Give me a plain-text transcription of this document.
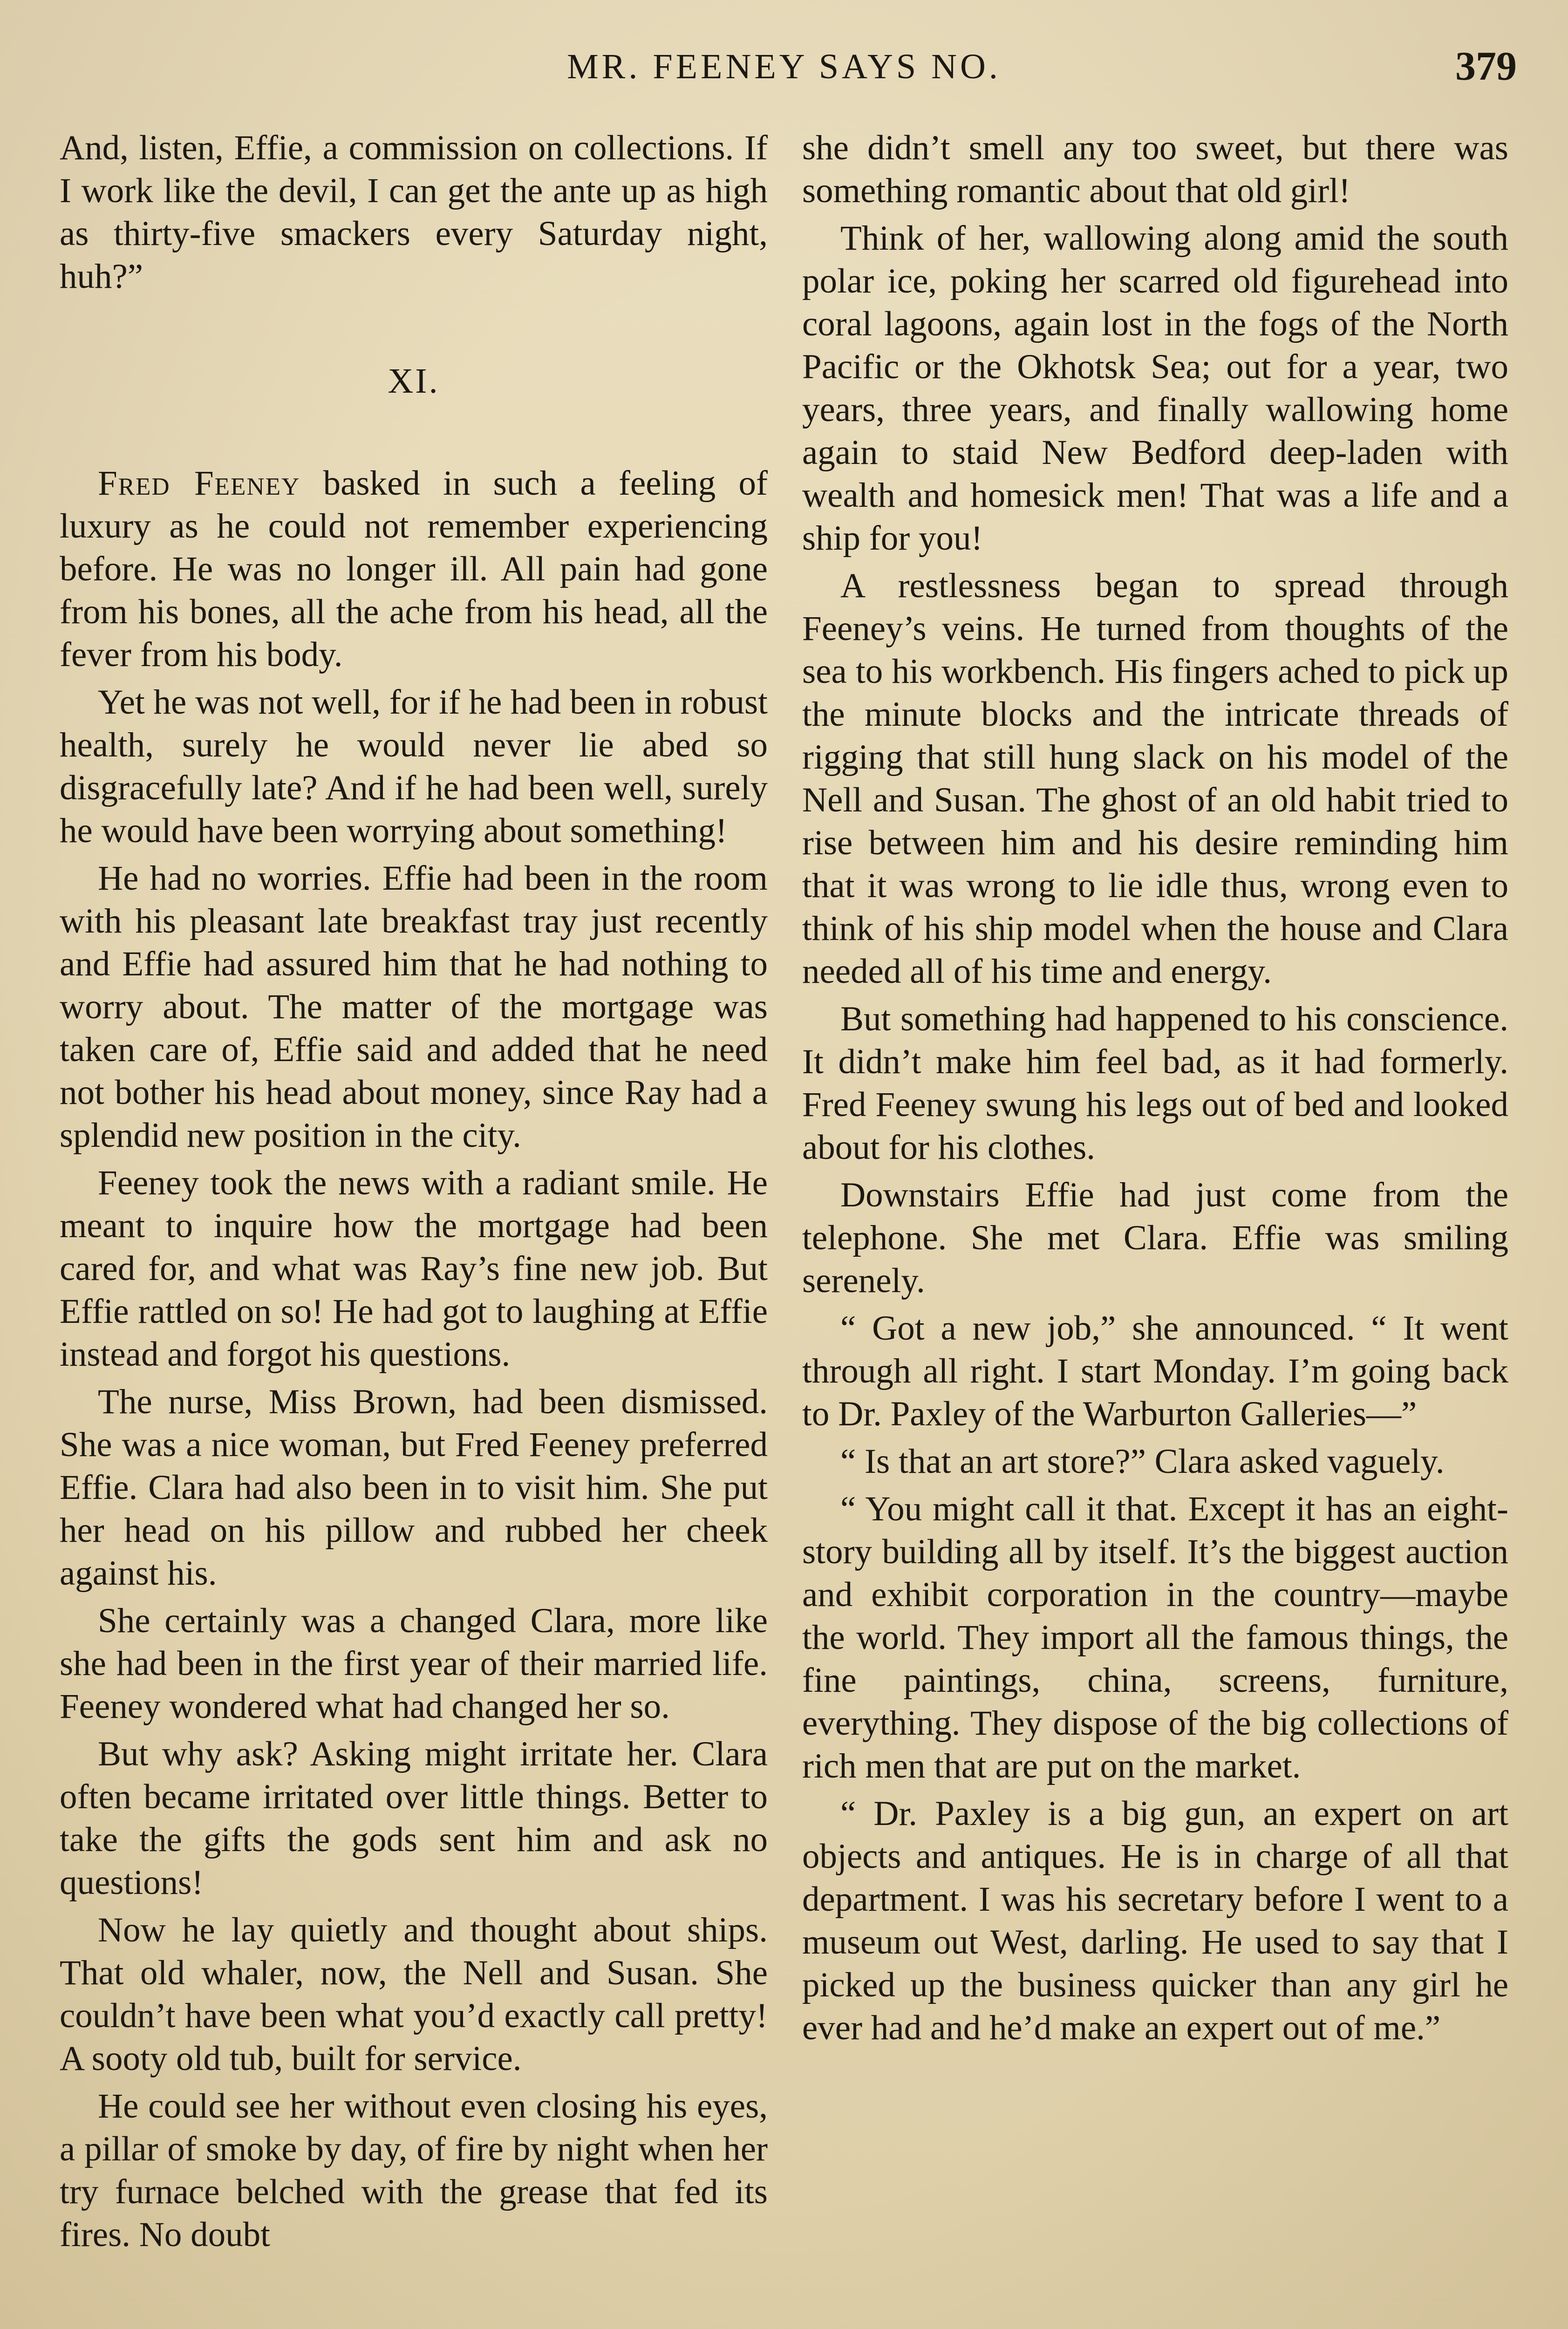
MR. FEENEY SAYS NO.	379

And, listen, Effie, a commission on collections. If I work like the devil, I can get the ante up as high as thirty-five smackers every Saturday night, huh?”

XI.

Fred Feeney basked in such a feeling of luxury as he could not remember experiencing before. He was no longer ill. All pain had gone from his bones, all the ache from his head, all the fever from his body.

Yet he was not well, for if he had been in robust health, surely he would never lie abed so disgracefully late? And if he had been well, surely he would have been worrying about something!

He had no worries. Effie had been in the room with his pleasant late breakfast tray just recently and Effie had assured him that he had nothing to worry about. The matter of the mortgage was taken care of, Effie said and added that he need not bother his head about money, since Ray had a splendid new position in the city.

Feeney took the news with a radiant smile. He meant to inquire how the mortgage had been cared for, and what was Ray’s fine new job. But Effie rattled on so! He had got to laughing at Effie instead and forgot his questions.

The nurse, Miss Brown, had been dismissed. She was a nice woman, but Fred Feeney preferred Effie. Clara had also been in to visit him. She put her head on his pillow and rubbed her cheek against his.

She certainly was a changed Clara, more like she had been in the first year of their married life. Feeney wondered what had changed her so.

But why ask? Asking might irritate her. Clara often became irritated over little things. Better to take the gifts the gods sent him and ask no questions!

Now he lay quietly and thought about ships. That old whaler, now, the Nell and Susan. She couldn’t have been what you’d exactly call pretty! A sooty old tub, built for service.

He could see her without even closing his eyes, a pillar of smoke by day, of fire by night when her try furnace belched with the grease that fed its fires. No doubt

she didn’t smell any too sweet, but there was something romantic about that old girl!

Think of her, wallowing along amid the south polar ice, poking her scarred old figurehead into coral lagoons, again lost in the fogs of the North Pacific or the Okhotsk Sea; out for a year, two years, three years, and finally wallowing home again to staid New Bedford deep-laden with wealth and homesick men! That was a life and a ship for you!

A restlessness began to spread through Feeney’s veins. He turned from thoughts of the sea to his workbench. His fingers ached to pick up the minute blocks and the intricate threads of rigging that still hung slack on his model of the Nell and Susan. The ghost of an old habit tried to rise between him and his desire reminding him that it was wrong to lie idle thus, wrong even to think of his ship model when the house and Clara needed all of his time and energy.

But something had happened to his conscience. It didn’t make him feel bad, as it had formerly. Fred Feeney swung his legs out of bed and looked about for his clothes.

Downstairs Effie had just come from the telephone. She met Clara. Effie was smiling serenely.

“ Got a new job,” she announced. “ It went through all right. I start Monday. I’m going back to Dr. Paxley of the Warburton Galleries—”

“ Is that an art store?” Clara asked vaguely.

“ You might call it that. Except it has an eight-story building all by itself. It’s the biggest auction and exhibit corporation in the country—maybe the world. They import all the famous things, the fine paintings, china, screens, furniture, everything. They dispose of the big collections of rich men that are put on the market.

“ Dr. Paxley is a big gun, an expert on art objects and antiques. He is in charge of all that department. I was his secretary before I went to a museum out West, darling. He used to say that I picked up the business quicker than any girl he ever had and he’d make an expert out of me.”
